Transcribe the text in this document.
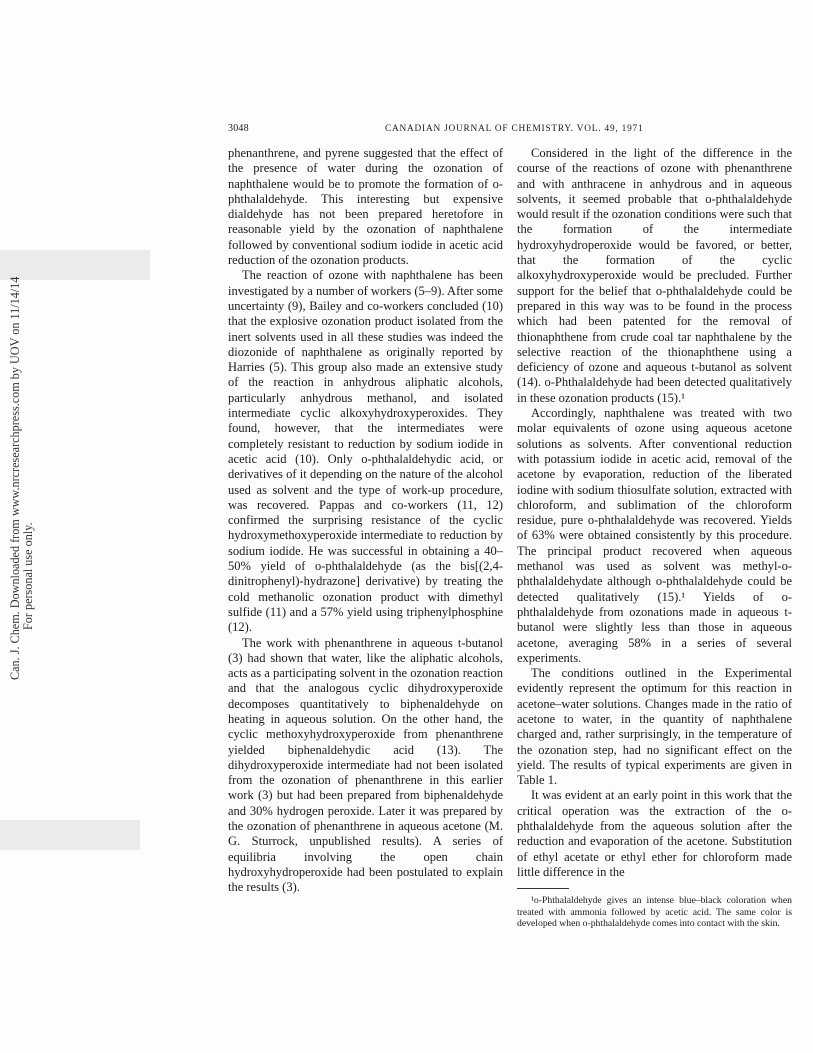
Can. J. Chem. Downloaded from www.nrcresearchpress.com by UOV on 11/14/14 For personal use only.
3048	CANADIAN JOURNAL OF CHEMISTRY. VOL. 49, 1971

phenanthrene, and pyrene suggested that the effect of the presence of water during the ozonation of naphthalene would be to promote the formation of o-phthalaldehyde. This interesting but expensive dialdehyde has not been prepared heretofore in reasonable yield by the ozonation of naphthalene followed by conventional sodium iodide in acetic acid reduction of the ozonation products.

The reaction of ozone with naphthalene has been investigated by a number of workers (5–9). After some uncertainty (9), Bailey and co-workers concluded (10) that the explosive ozonation product isolated from the inert solvents used in all these studies was indeed the diozonide of naphthalene as originally reported by Harries (5). This group also made an extensive study of the reaction in anhydrous aliphatic alcohols, particularly anhydrous methanol, and isolated intermediate cyclic alkoxyhydroxyperoxides. They found, however, that the intermediates were completely resistant to reduction by sodium iodide in acetic acid (10). Only o-phthalaldehydic acid, or derivatives of it depending on the nature of the alcohol used as solvent and the type of work-up procedure, was recovered. Pappas and co-workers (11, 12) confirmed the surprising resistance of the cyclic hydroxymethoxyperoxide intermediate to reduction by sodium iodide. He was successful in obtaining a 40–50% yield of o-phthalaldehyde (as the bis[(2,4-dinitrophenyl)-hydrazone] derivative) by treating the cold methanolic ozonation product with dimethyl sulfide (11) and a 57% yield using triphenylphosphine (12).

The work with phenanthrene in aqueous t-butanol (3) had shown that water, like the aliphatic alcohols, acts as a participating solvent in the ozonation reaction and that the analogous cyclic dihydroxyperoxide decomposes quantitatively to biphenaldehyde on heating in aqueous solution. On the other hand, the cyclic methoxyhydroxyperoxide from phenanthrene yielded biphenaldehydic acid (13). The dihydroxyperoxide intermediate had not been isolated from the ozonation of phenanthrene in this earlier work (3) but had been prepared from biphenaldehyde and 30% hydrogen peroxide. Later it was prepared by the ozonation of phenanthrene in aqueous acetone (M. G. Sturrock, unpublished results). A series of equilibria involving the open chain hydroxyhydroperoxide had been postulated to explain the results (3).

Considered in the light of the difference in the course of the reactions of ozone with phenanthrene and with anthracene in anhydrous and in aqueous solvents, it seemed probable that o-phthalaldehyde would result if the ozonation conditions were such that the formation of the intermediate hydroxyhydroperoxide would be favored, or better, that the formation of the cyclic alkoxyhydroxyperoxide would be precluded. Further support for the belief that o-phthalaldehyde could be prepared in this way was to be found in the process which had been patented for the removal of thionaphthene from crude coal tar naphthalene by the selective reaction of the thionaphthene using a deficiency of ozone and aqueous t-butanol as solvent (14). o-Phthalaldehyde had been detected qualitatively in these ozonation products (15).¹

Accordingly, naphthalene was treated with two molar equivalents of ozone using aqueous acetone solutions as solvents. After conventional reduction with potassium iodide in acetic acid, removal of the acetone by evaporation, reduction of the liberated iodine with sodium thiosulfate solution, extracted with chloroform, and sublimation of the chloroform residue, pure o-phthalaldehyde was recovered. Yields of 63% were obtained consistently by this procedure. The principal product recovered when aqueous methanol was used as solvent was methyl-o-phthalaldehydate although o-phthalaldehyde could be detected qualitatively (15).¹ Yields of o-phthalaldehyde from ozonations made in aqueous t-butanol were slightly less than those in aqueous acetone, averaging 58% in a series of several experiments.

The conditions outlined in the Experimental evidently represent the optimum for this reaction in acetone–water solutions. Changes made in the ratio of acetone to water, in the quantity of naphthalene charged and, rather surprisingly, in the temperature of the ozonation step, had no significant effect on the yield. The results of typical experiments are given in Table 1.

It was evident at an early point in this work that the critical operation was the extraction of the o-phthalaldehyde from the aqueous solution after the reduction and evaporation of the acetone. Substitution of ethyl acetate or ethyl ether for chloroform made little difference in the

¹o-Phthalaldehyde gives an intense blue–black coloration when treated with ammonia followed by acetic acid. The same color is developed when o-phthalaldehyde comes into contact with the skin.
